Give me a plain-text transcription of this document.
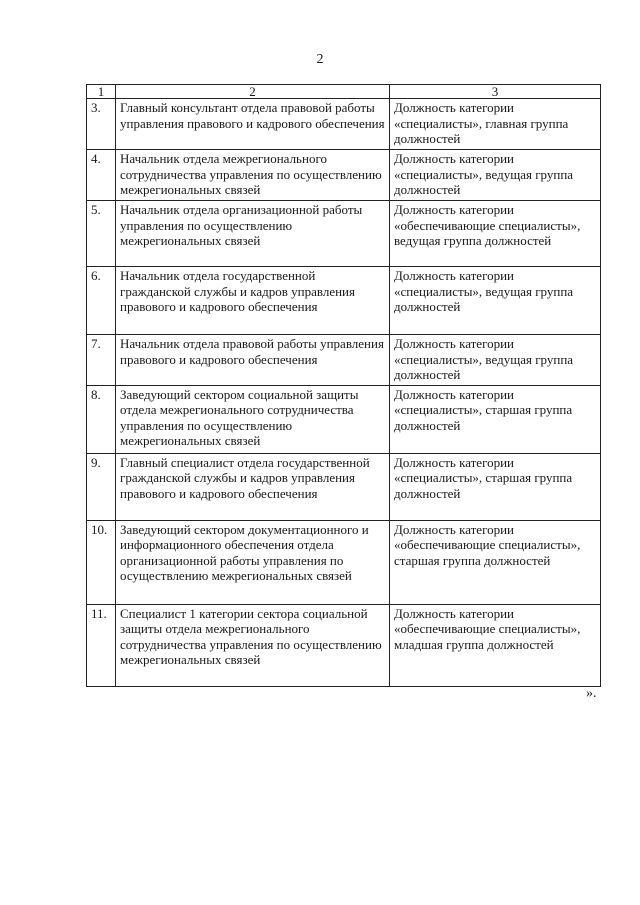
2
1	2	3
3.	Главный консультант отдела правовой работы управления правового и кадрового обеспечения	Должность категории «специалисты», главная группа должностей
4.	Начальник отдела межрегионального сотрудничества управления по осуществлению межрегиональных связей	Должность категории «специалисты», ведущая группа должностей
5.	Начальник отдела организационной работы управления по осуществлению межрегиональных связей	Должность категории «обеспечивающие специалисты», ведущая группа должностей
6.	Начальник отдела государственной гражданской службы и кадров управления правового и кадрового обеспечения	Должность категории «специалисты», ведущая группа должностей
7.	Начальник отдела правовой работы управления правового и кадрового обеспечения	Должность категории «специалисты», ведущая группа должностей
8.	Заведующий сектором социальной защиты отдела межрегионального сотрудничества управления по осуществлению межрегиональных связей	Должность категории «специалисты», старшая группа должностей
9.	Главный специалист отдела государственной гражданской службы и кадров управления правового и кадрового обеспечения	Должность категории «специалисты», старшая группа должностей
10.	Заведующий сектором документационного и информационного обеспечения отдела организационной работы управления по осуществлению межрегиональных связей	Должность категории «обеспечивающие специалисты», старшая группа должностей
11.	Специалист 1 категории сектора социальной защиты отдела межрегионального сотрудничества управления по осуществлению межрегиональных связей	Должность категории «обеспечивающие специалисты», младшая группа должностей
».
